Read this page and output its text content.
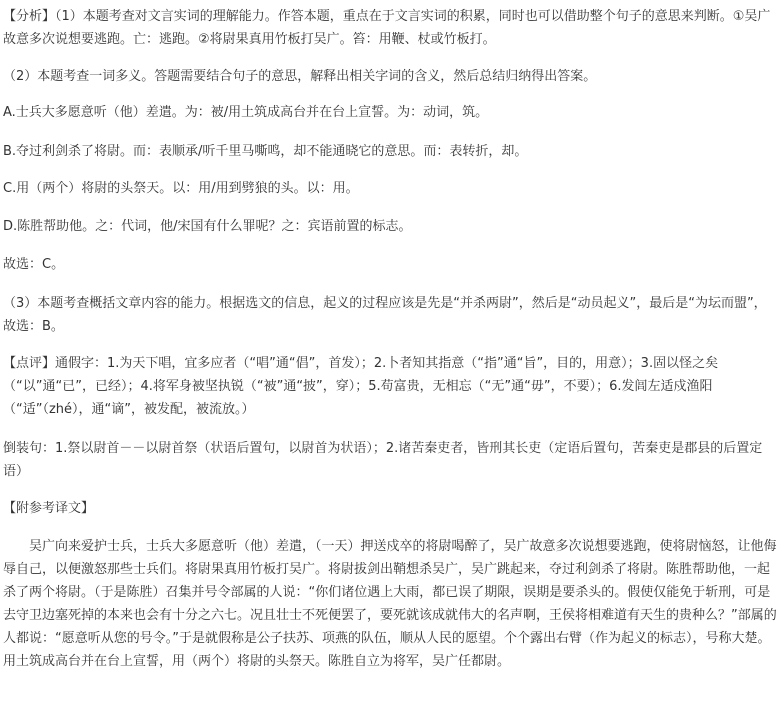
【分析】（1）本题考查对文言实词的理解能力。作答本题，重点在于文言实词的积累，同时也可以借助整个句子的意思来判断。①吴广故意多次说想要逃跑。亡：逃跑。②将尉果真用竹板打吴广。笞：用鞭、杖或竹板打。

（2）本题考查一词多义。答题需要结合句子的意思，解释出相关字词的含义，然后总结归纳得出答案。

A.士兵大多愿意听（他）差遣。为：被/用土筑成高台并在台上宣誓。为：动词，筑。

B.夺过利剑杀了将尉。而：表顺承/听千里马嘶鸣，却不能通晓它的意思。而：表转折，却。

C.用（两个）将尉的头祭天。以：用/用到劈狼的头。以：用。

D.陈胜帮助他。之：代词，他/宋国有什么罪呢？之：宾语前置的标志。

故选：C。

（3）本题考查概括文章内容的能力。根据选文的信息，起义的过程应该是先是“并杀两尉”，然后是“动员起义”，最后是“为坛而盟”，故选：B。

【点评】通假字：1.为天下唱，宜多应者（“唱”通“倡”，首发）；2.卜者知其指意（“指”通“旨”，目的，用意）；3.固以怪之矣（“以”通“已”，已经）；4.将军身被坚执锐（“被”通“披”，穿）；5.苟富贵，无相忘（“无”通“毋”，不要）；6.发闾左适戍渔阳（“适”（zhé），通“谪”，被发配，被流放。）

倒装句：1.祭以尉首－－以尉首祭（状语后置句，以尉首为状语）；2.诸苦秦吏者，皆刑其长吏（定语后置句，苦秦吏是郡县的后置定语）

【附参考译文】

吴广向来爱护士兵，士兵大多愿意听（他）差遣，（一天）押送戍卒的将尉喝醉了，吴广故意多次说想要逃跑，使将尉恼怒，让他侮辱自己，以便激怒那些士兵们。将尉果真用竹板打吴广。将尉拔剑出鞘想杀吴广，吴广跳起来，夺过利剑杀了将尉。陈胜帮助他，一起杀了两个将尉。（于是陈胜）召集并号令部属的人说：“你们诸位遇上大雨，都已误了期限，误期是要杀头的。假使仅能免于斩刑，可是去守卫边塞死掉的本来也会有十分之六七。况且壮士不死便罢了，要死就该成就伟大的名声啊，王侯将相难道有天生的贵种么？”部属的人都说：“愿意听从您的号令。”于是就假称是公子扶苏、项燕的队伍，顺从人民的愿望。个个露出右臂（作为起义的标志），号称大楚。用土筑成高台并在台上宣誓，用（两个）将尉的头祭天。陈胜自立为将军，吴广任都尉。
